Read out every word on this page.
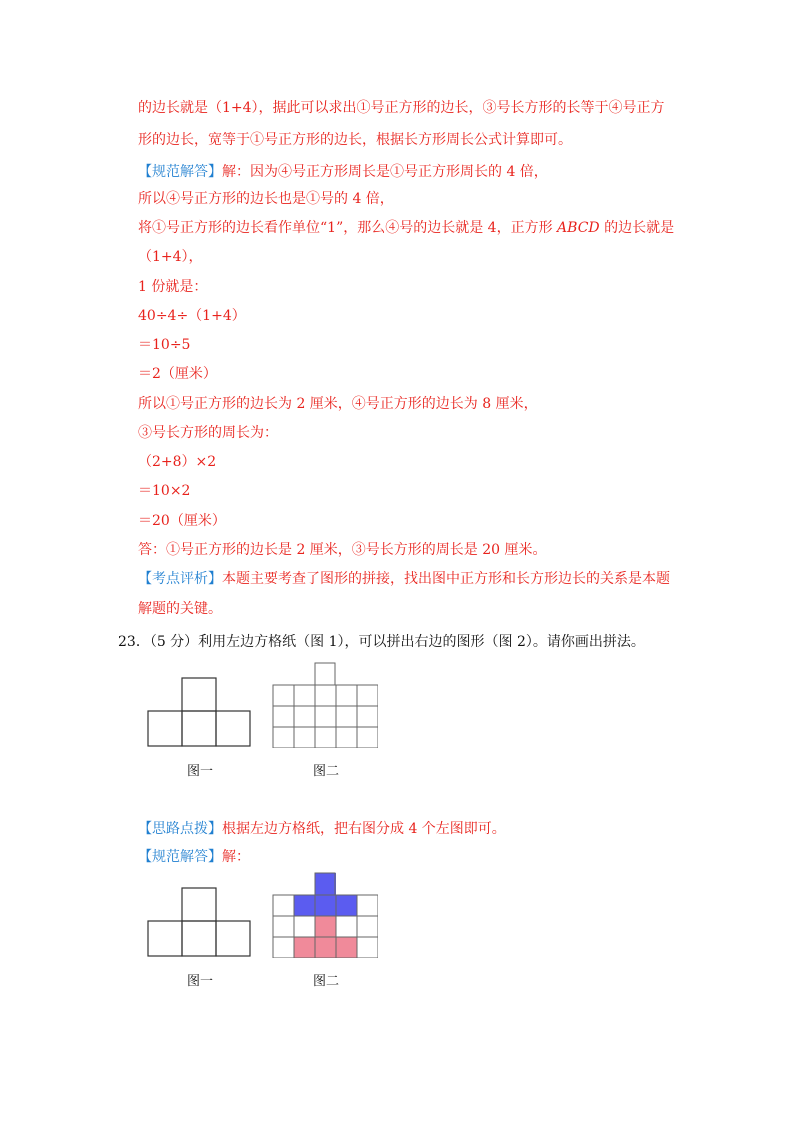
的边长就是（1+4），据此可以求出①号正方形的边长，③号长方形的长等于④号正方
形的边长，宽等于①号正方形的边长，根据长方形周长公式计算即可。
【规范解答】解：因为④号正方形周长是①号正方形周长的 4 倍，
所以④号正方形的边长也是①号的 4 倍，
将①号正方形的边长看作单位“1”，那么④号的边长就是 4，正方形 ABCD 的边长就是
（1+4），
1 份就是：
40÷4÷（1+4）
＝10÷5
＝2（厘米）
所以①号正方形的边长为 2 厘米，④号正方形的边长为 8 厘米，
③号长方形的周长为：
（2+8）×2
＝10×2
＝20（厘米）
答：①号正方形的边长是 2 厘米，③号长方形的周长是 20 厘米。
【考点评析】本题主要考查了图形的拼接，找出图中正方形和长方形边长的关系是本题
解题的关键。
23．（5 分）利用左边方格纸（图 1），可以拼出右边的图形（图 2）。请你画出拼法。
图一	图二
【思路点拨】根据左边方格纸，把右图分成 4 个左图即可。
【规范解答】解：
图一	图二
